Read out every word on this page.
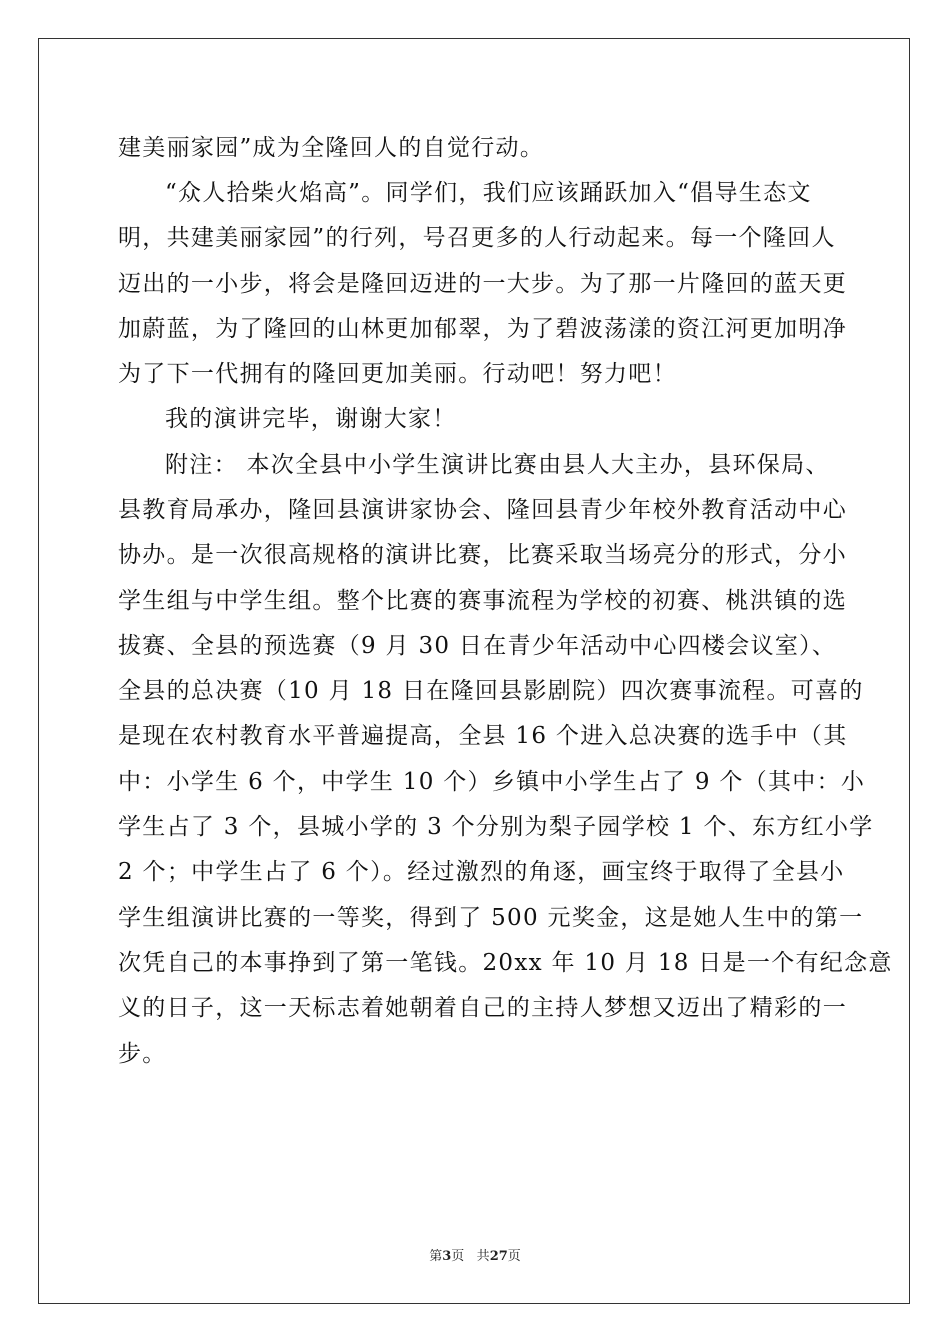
建美丽家园”成为全隆回人的自觉行动。
“众人拾柴火焰高”。同学们，我们应该踊跃加入“倡导生态文
明，共建美丽家园”的行列，号召更多的人行动起来。每一个隆回人
迈出的一小步，将会是隆回迈进的一大步。为了那一片隆回的蓝天更
加蔚蓝，为了隆回的山林更加郁翠，为了碧波荡漾的资江河更加明净
为了下一代拥有的隆回更加美丽。行动吧！努力吧！
我的演讲完毕，谢谢大家！
附注： 本次全县中小学生演讲比赛由县人大主办，县环保局、
县教育局承办，隆回县演讲家协会、隆回县青少年校外教育活动中心
协办。是一次很高规格的演讲比赛，比赛采取当场亮分的形式，分小
学生组与中学生组。整个比赛的赛事流程为学校的初赛、桃洪镇的选
拔赛、全县的预选赛（9 月 30 日在青少年活动中心四楼会议室）、
全县的总决赛（10 月 18 日在隆回县影剧院）四次赛事流程。可喜的
是现在农村教育水平普遍提高，全县 16 个进入总决赛的选手中（其
中：小学生 6 个，中学生 10 个）乡镇中小学生占了 9 个（其中：小
学生占了 3 个，县城小学的 3 个分别为梨子园学校 1 个、东方红小学
2 个；中学生占了 6 个）。经过激烈的角逐，画宝终于取得了全县小
学生组演讲比赛的一等奖，得到了 500 元奖金，这是她人生中的第一
次凭自己的本事挣到了第一笔钱。20xx 年 10 月 18 日是一个有纪念意
义的日子，这一天标志着她朝着自己的主持人梦想又迈出了精彩的一
步。
第3页 共27页
